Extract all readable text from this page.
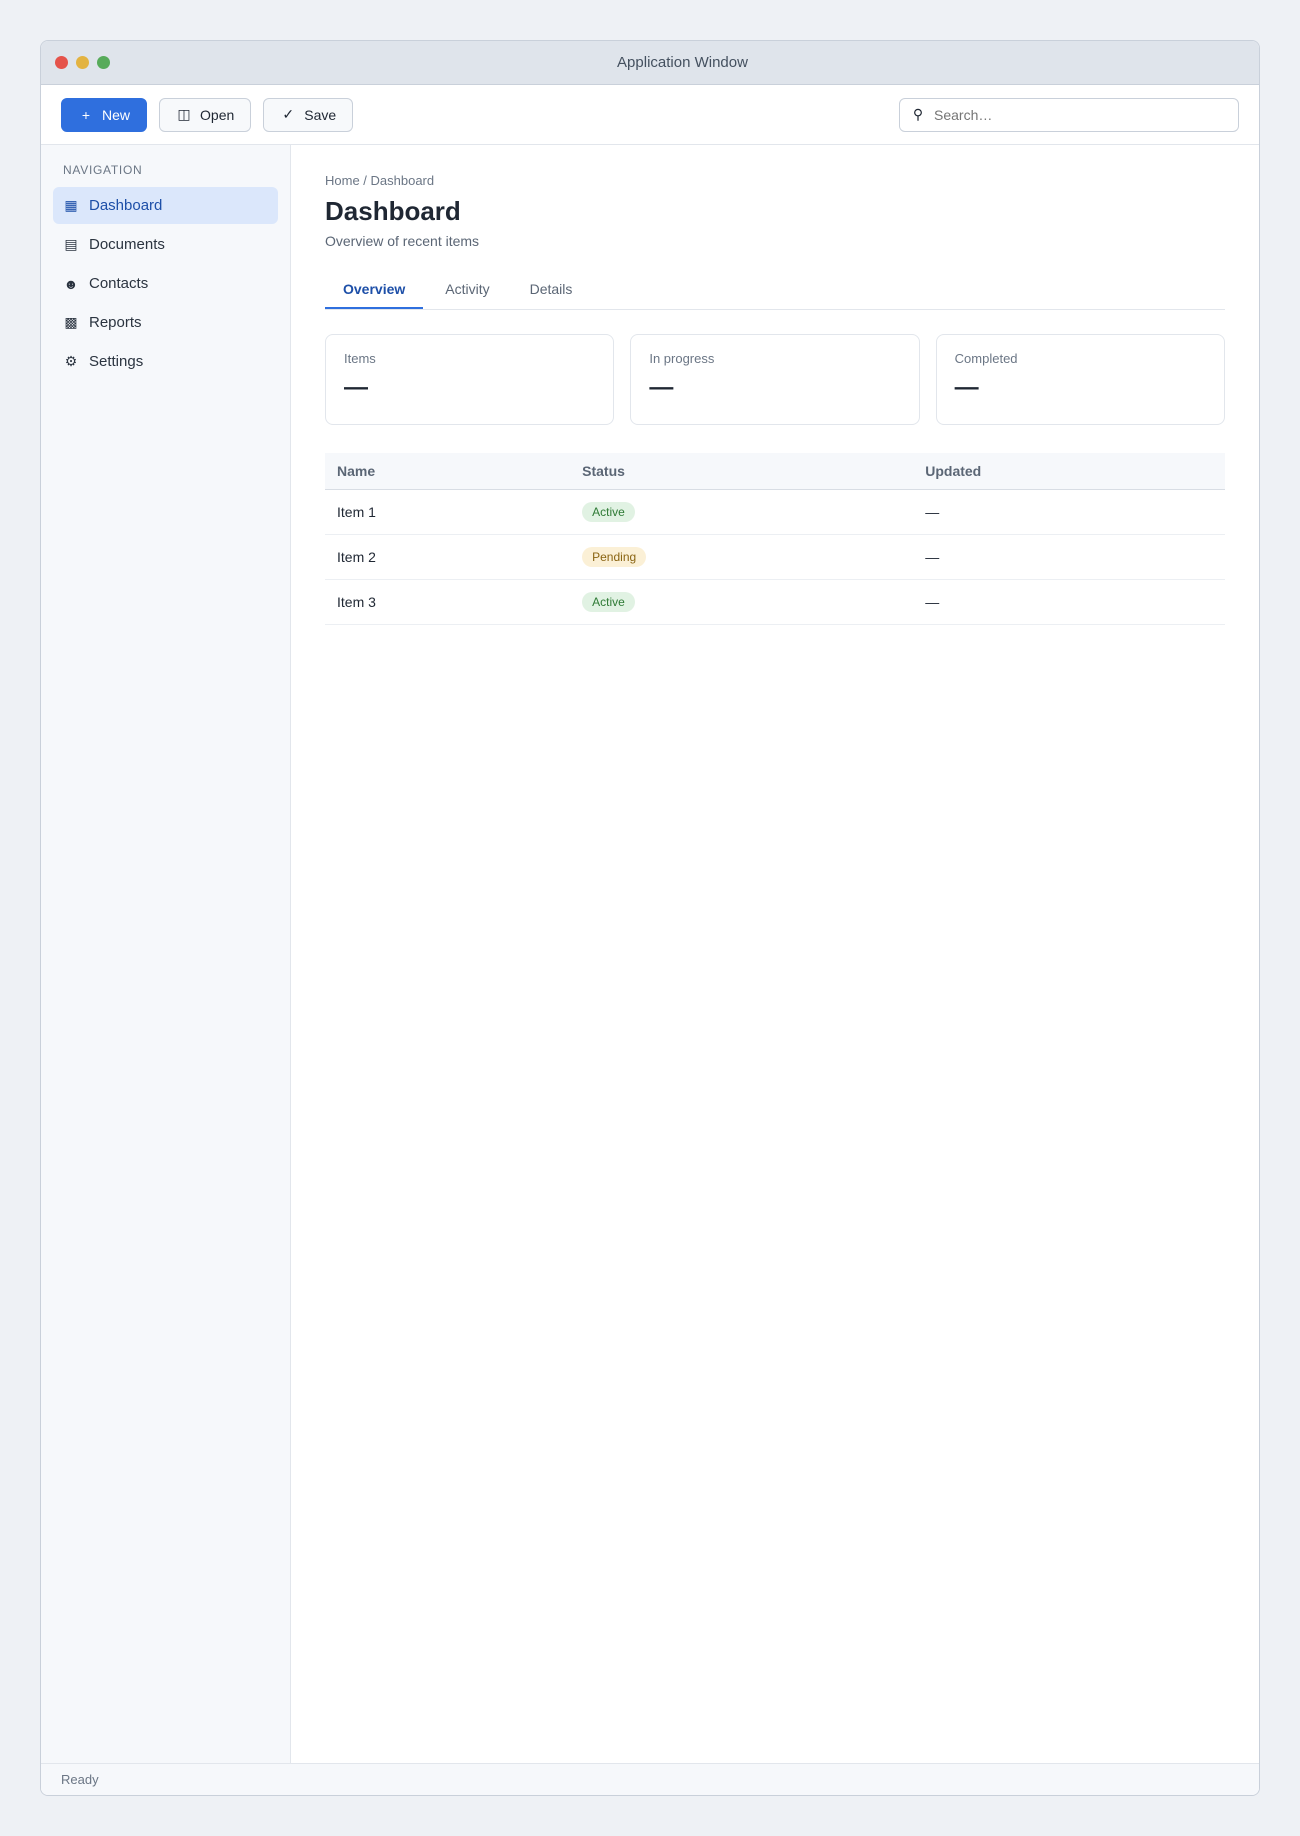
Application Window
+ New	◫ Open	✓ Save	⚲
Search…
NAVIGATION
▦ Dashboard
▤ Documents
☻ Contacts
▩ Reports
⚙ Settings
Home / Dashboard
Dashboard

Overview of recent items

Overview	Activity	Details
Items
—
In progress
—
Completed
—
Name	Status	Updated
Item 1	Active	—
Item 2	Pending	—
Item 3	Active	—
Ready
